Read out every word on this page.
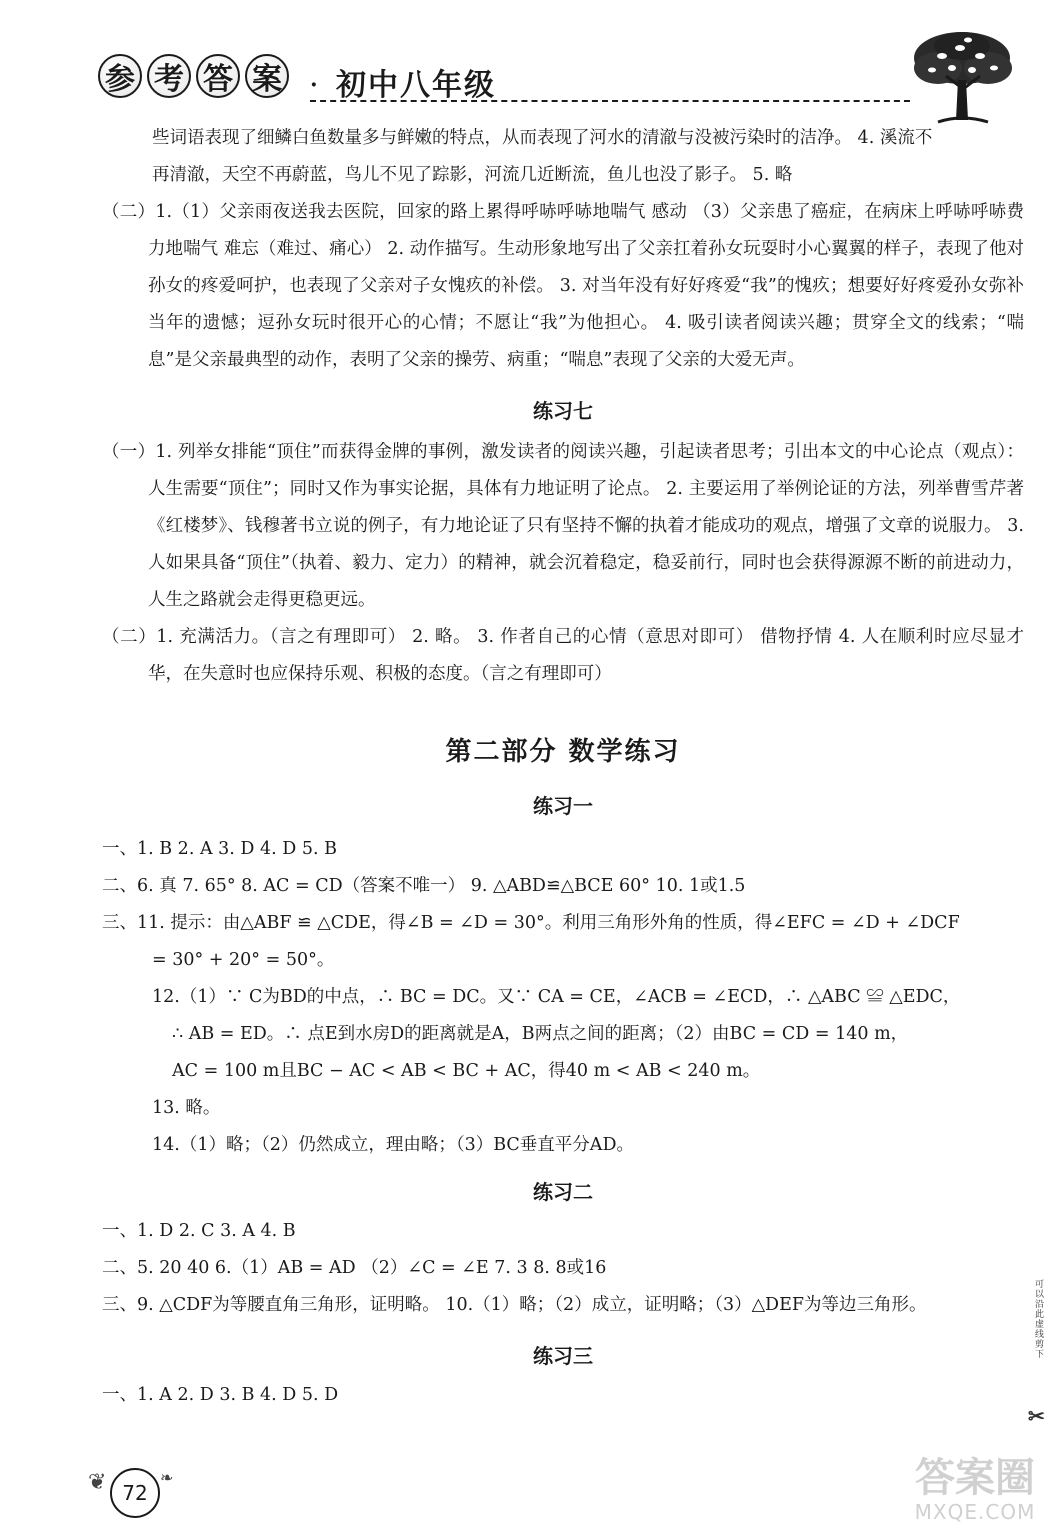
参 考 答 案	· 初中八年级

些词语表现了细鳞白鱼数量多与鲜嫩的特点，从而表现了河水的清澈与没被污染时的洁净。 4. 溪流不

再清澈，天空不再蔚蓝，鸟儿不见了踪影，河流几近断流，鱼儿也没了影子。 5. 略

（二）1.（1）父亲雨夜送我去医院，回家的路上累得呼哧呼哧地喘气 感动 （3）父亲患了癌症，在病床上呼哧呼哧费力地喘气 难忘（难过、痛心） 2. 动作描写。生动形象地写出了父亲扛着孙女玩耍时小心翼翼的样子，表现了他对孙女的疼爱呵护，也表现了父亲对子女愧疚的补偿。 3. 对当年没有好好疼爱“我”的愧疚；想要好好疼爱孙女弥补当年的遗憾；逗孙女玩时很开心的心情；不愿让“我”为他担心。 4. 吸引读者阅读兴趣；贯穿全文的线索；“喘息”是父亲最典型的动作，表明了父亲的操劳、病重；“喘息”表现了父亲的大爱无声。

练习七

（一）1. 列举女排能“顶住”而获得金牌的事例，激发读者的阅读兴趣，引起读者思考；引出本文的中心论点（观点）：人生需要“顶住”；同时又作为事实论据，具体有力地证明了论点。 2. 主要运用了举例论证的方法，列举曹雪芹著《红楼梦》、钱穆著书立说的例子，有力地论证了只有坚持不懈的执着才能成功的观点，增强了文章的说服力。 3. 人如果具备“顶住”（执着、毅力、定力）的精神，就会沉着稳定，稳妥前行，同时也会获得源源不断的前进动力，人生之路就会走得更稳更远。

（二）1. 充满活力。（言之有理即可） 2. 略。 3. 作者自己的心情（意思对即可） 借物抒情 4. 人在顺利时应尽显才华，在失意时也应保持乐观、积极的态度。（言之有理即可）

第二部分 数学练习

练习一

一、1. B 2. A 3. D 4. D 5. B

二、6. 真 7. 65° 8. AC = CD（答案不唯一） 9. △ABD≌△BCE 60° 10. 1或1.5

三、11. 提示：由△ABF ≌ △CDE，得∠B = ∠D = 30°。利用三角形外角的性质，得∠EFC = ∠D + ∠DCF

= 30° + 20° = 50°。

12.（1）∵ C为BD的中点，∴ BC = DC。又∵ CA = CE，∠ACB = ∠ECD，∴ △ABC ≌ △EDC，

∴ AB = ED。∴ 点E到水房D的距离就是A，B两点之间的距离；（2）由BC = CD = 140 m，

AC = 100 m且BC − AC < AB < BC + AC，得40 m < AB < 240 m。

13. 略。

14.（1）略；（2）仍然成立，理由略；（3）BC垂直平分AD。

练习二

一、1. D 2. C 3. A 4. B

二、5. 20 40 6.（1）AB = AD （2）∠C = ∠E 7. 3 8. 8或16

三、9. △CDF为等腰直角三角形，证明略。 10.（1）略；（2）成立，证明略；（3）△DEF为等边三角形。

练习三

一、1. A 2. D 3. B 4. D 5. D

可以沿此虚线剪下
✂
❦ 72
❧	答案圈
MXQE.COM
